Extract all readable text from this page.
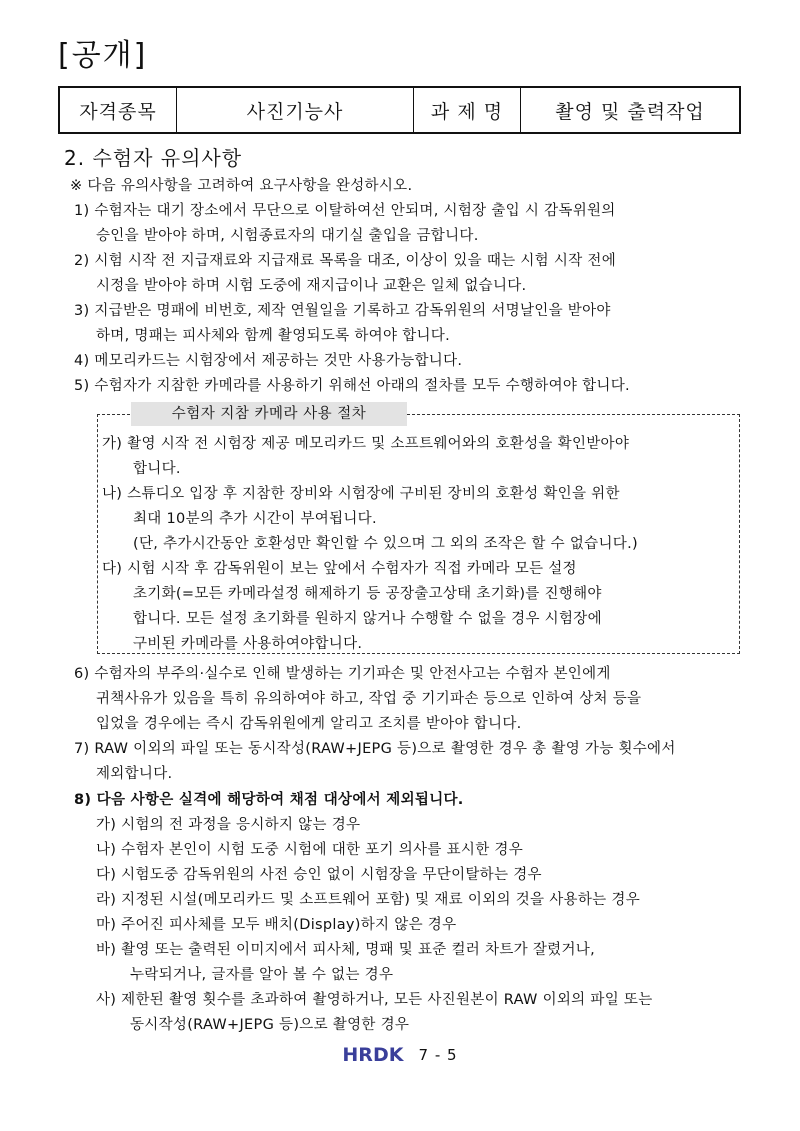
[공개]
자격종목	사진기능사	과 제 명	촬영 및 출력작업
2. 수험자 유의사항
※ 다음 유의사항을 고려하여 요구사항을 완성하시오.
1) 수험자는 대기 장소에서 무단으로 이탈하여선 안되며, 시험장 출입 시 감독위원의
승인을 받아야 하며, 시험종료자의 대기실 출입을 금합니다.
2) 시험 시작 전 지급재료와 지급재료 목록을 대조, 이상이 있을 때는 시험 시작 전에
시정을 받아야 하며 시험 도중에 재지급이나 교환은 일체 없습니다.
3) 지급받은 명패에 비번호, 제작 연월일을 기록하고 감독위원의 서명날인을 받아야
하며, 명패는 피사체와 함께 촬영되도록 하여야 합니다.
4) 메모리카드는 시험장에서 제공하는 것만 사용가능합니다.
5) 수험자가 지참한 카메라를 사용하기 위해선 아래의 절차를 모두 수행하여야 합니다.
수험자 지참 카메라 사용 절차
가) 촬영 시작 전 시험장 제공 메모리카드 및 소프트웨어와의 호환성을 확인받아야
합니다.
나) 스튜디오 입장 후 지참한 장비와 시험장에 구비된 장비의 호환성 확인을 위한
최대 10분의 추가 시간이 부여됩니다.
(단, 추가시간동안 호환성만 확인할 수 있으며 그 외의 조작은 할 수 없습니다.)
다) 시험 시작 후 감독위원이 보는 앞에서 수험자가 직접 카메라 모든 설정
초기화(=모든 카메라설정 해제하기 등 공장출고상태 초기화)를 진행해야
합니다. 모든 설정 초기화를 원하지 않거나 수행할 수 없을 경우 시험장에
구비된 카메라를 사용하여야합니다.
6) 수험자의 부주의·실수로 인해 발생하는 기기파손 및 안전사고는 수험자 본인에게
귀책사유가 있음을 특히 유의하여야 하고, 작업 중 기기파손 등으로 인하여 상처 등을
입었을 경우에는 즉시 감독위원에게 알리고 조치를 받아야 합니다.
7) RAW 이외의 파일 또는 동시작성(RAW+JEPG 등)으로 촬영한 경우 총 촬영 가능 횟수에서
제외합니다.
8) 다음 사항은 실격에 해당하여 채점 대상에서 제외됩니다.
가) 시험의 전 과정을 응시하지 않는 경우
나) 수험자 본인이 시험 도중 시험에 대한 포기 의사를 표시한 경우
다) 시험도중 감독위원의 사전 승인 없이 시험장을 무단이탈하는 경우
라) 지정된 시설(메모리카드 및 소프트웨어 포함) 및 재료 이외의 것을 사용하는 경우
마) 주어진 피사체를 모두 배치(Display)하지 않은 경우
바) 촬영 또는 출력된 이미지에서 피사체, 명패 및 표준 컬러 차트가 잘렸거나,
누락되거나, 글자를 알아 볼 수 없는 경우
사) 제한된 촬영 횟수를 초과하여 촬영하거나, 모든 사진원본이 RAW 이외의 파일 또는
동시작성(RAW+JEPG 등)으로 촬영한 경우
HRDK 7 - 5
